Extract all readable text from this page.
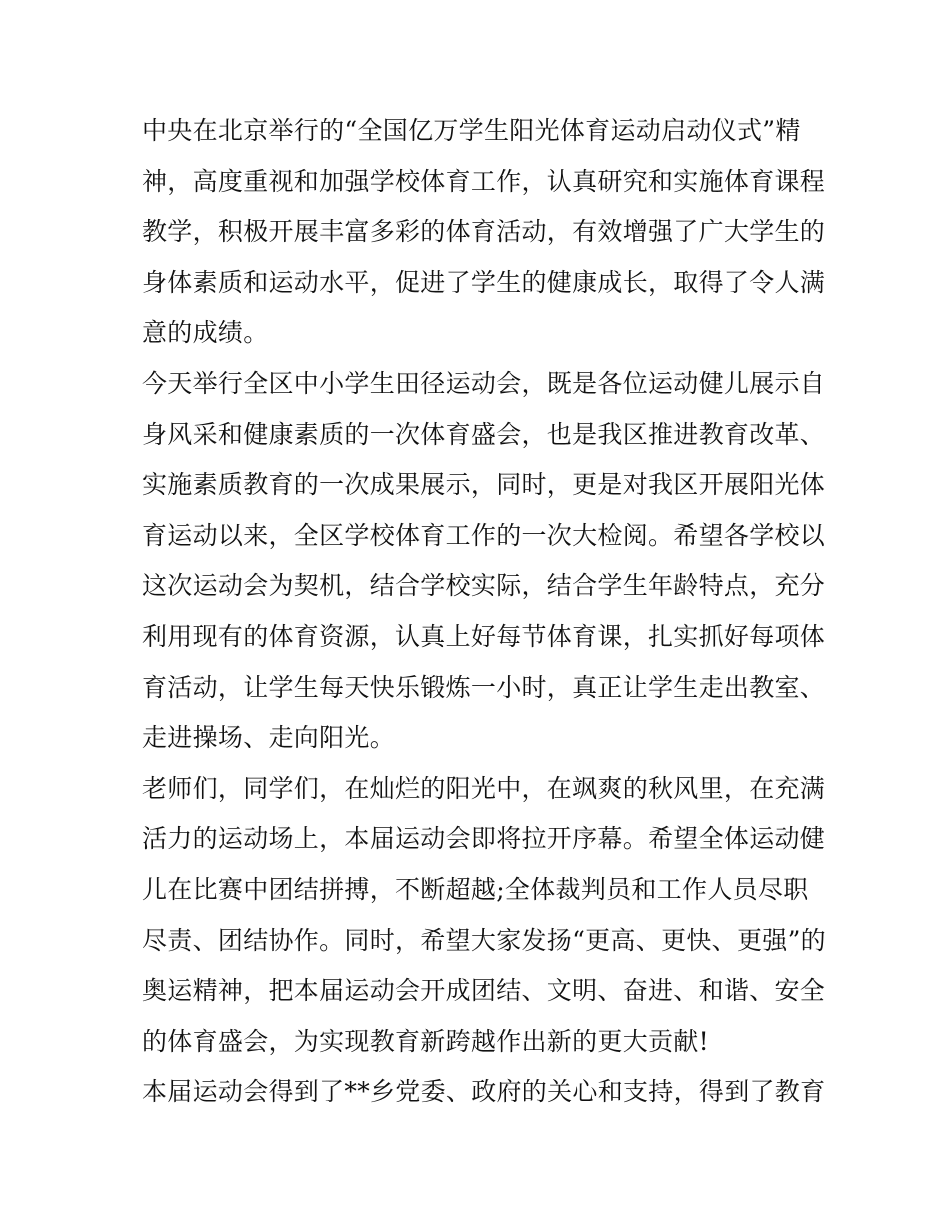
中央在北京举行的“全国亿万学生阳光体育运动启动仪式”精
神，高度重视和加强学校体育工作，认真研究和实施体育课程
教学，积极开展丰富多彩的体育活动，有效增强了广大学生的
身体素质和运动水平，促进了学生的健康成长，取得了令人满
意的成绩。
今天举行全区中小学生田径运动会，既是各位运动健儿展示自
身风采和健康素质的一次体育盛会，也是我区推进教育改革、
实施素质教育的一次成果展示，同时，更是对我区开展阳光体
育运动以来，全区学校体育工作的一次大检阅。希望各学校以
这次运动会为契机，结合学校实际，结合学生年龄特点，充分
利用现有的体育资源，认真上好每节体育课，扎实抓好每项体
育活动，让学生每天快乐锻炼一小时，真正让学生走出教室、
走进操场、走向阳光。
老师们，同学们，在灿烂的阳光中，在飒爽的秋风里，在充满
活力的运动场上，本届运动会即将拉开序幕。希望全体运动健
儿在比赛中团结拼搏，不断超越;全体裁判员和工作人员尽职
尽责、团结协作。同时，希望大家发扬“更高、更快、更强”的
奥运精神，把本届运动会开成团结、文明、奋进、和谐、安全
的体育盛会，为实现教育新跨越作出新的更大贡献!
本届运动会得到了**乡党委、政府的关心和支持，得到了教育
